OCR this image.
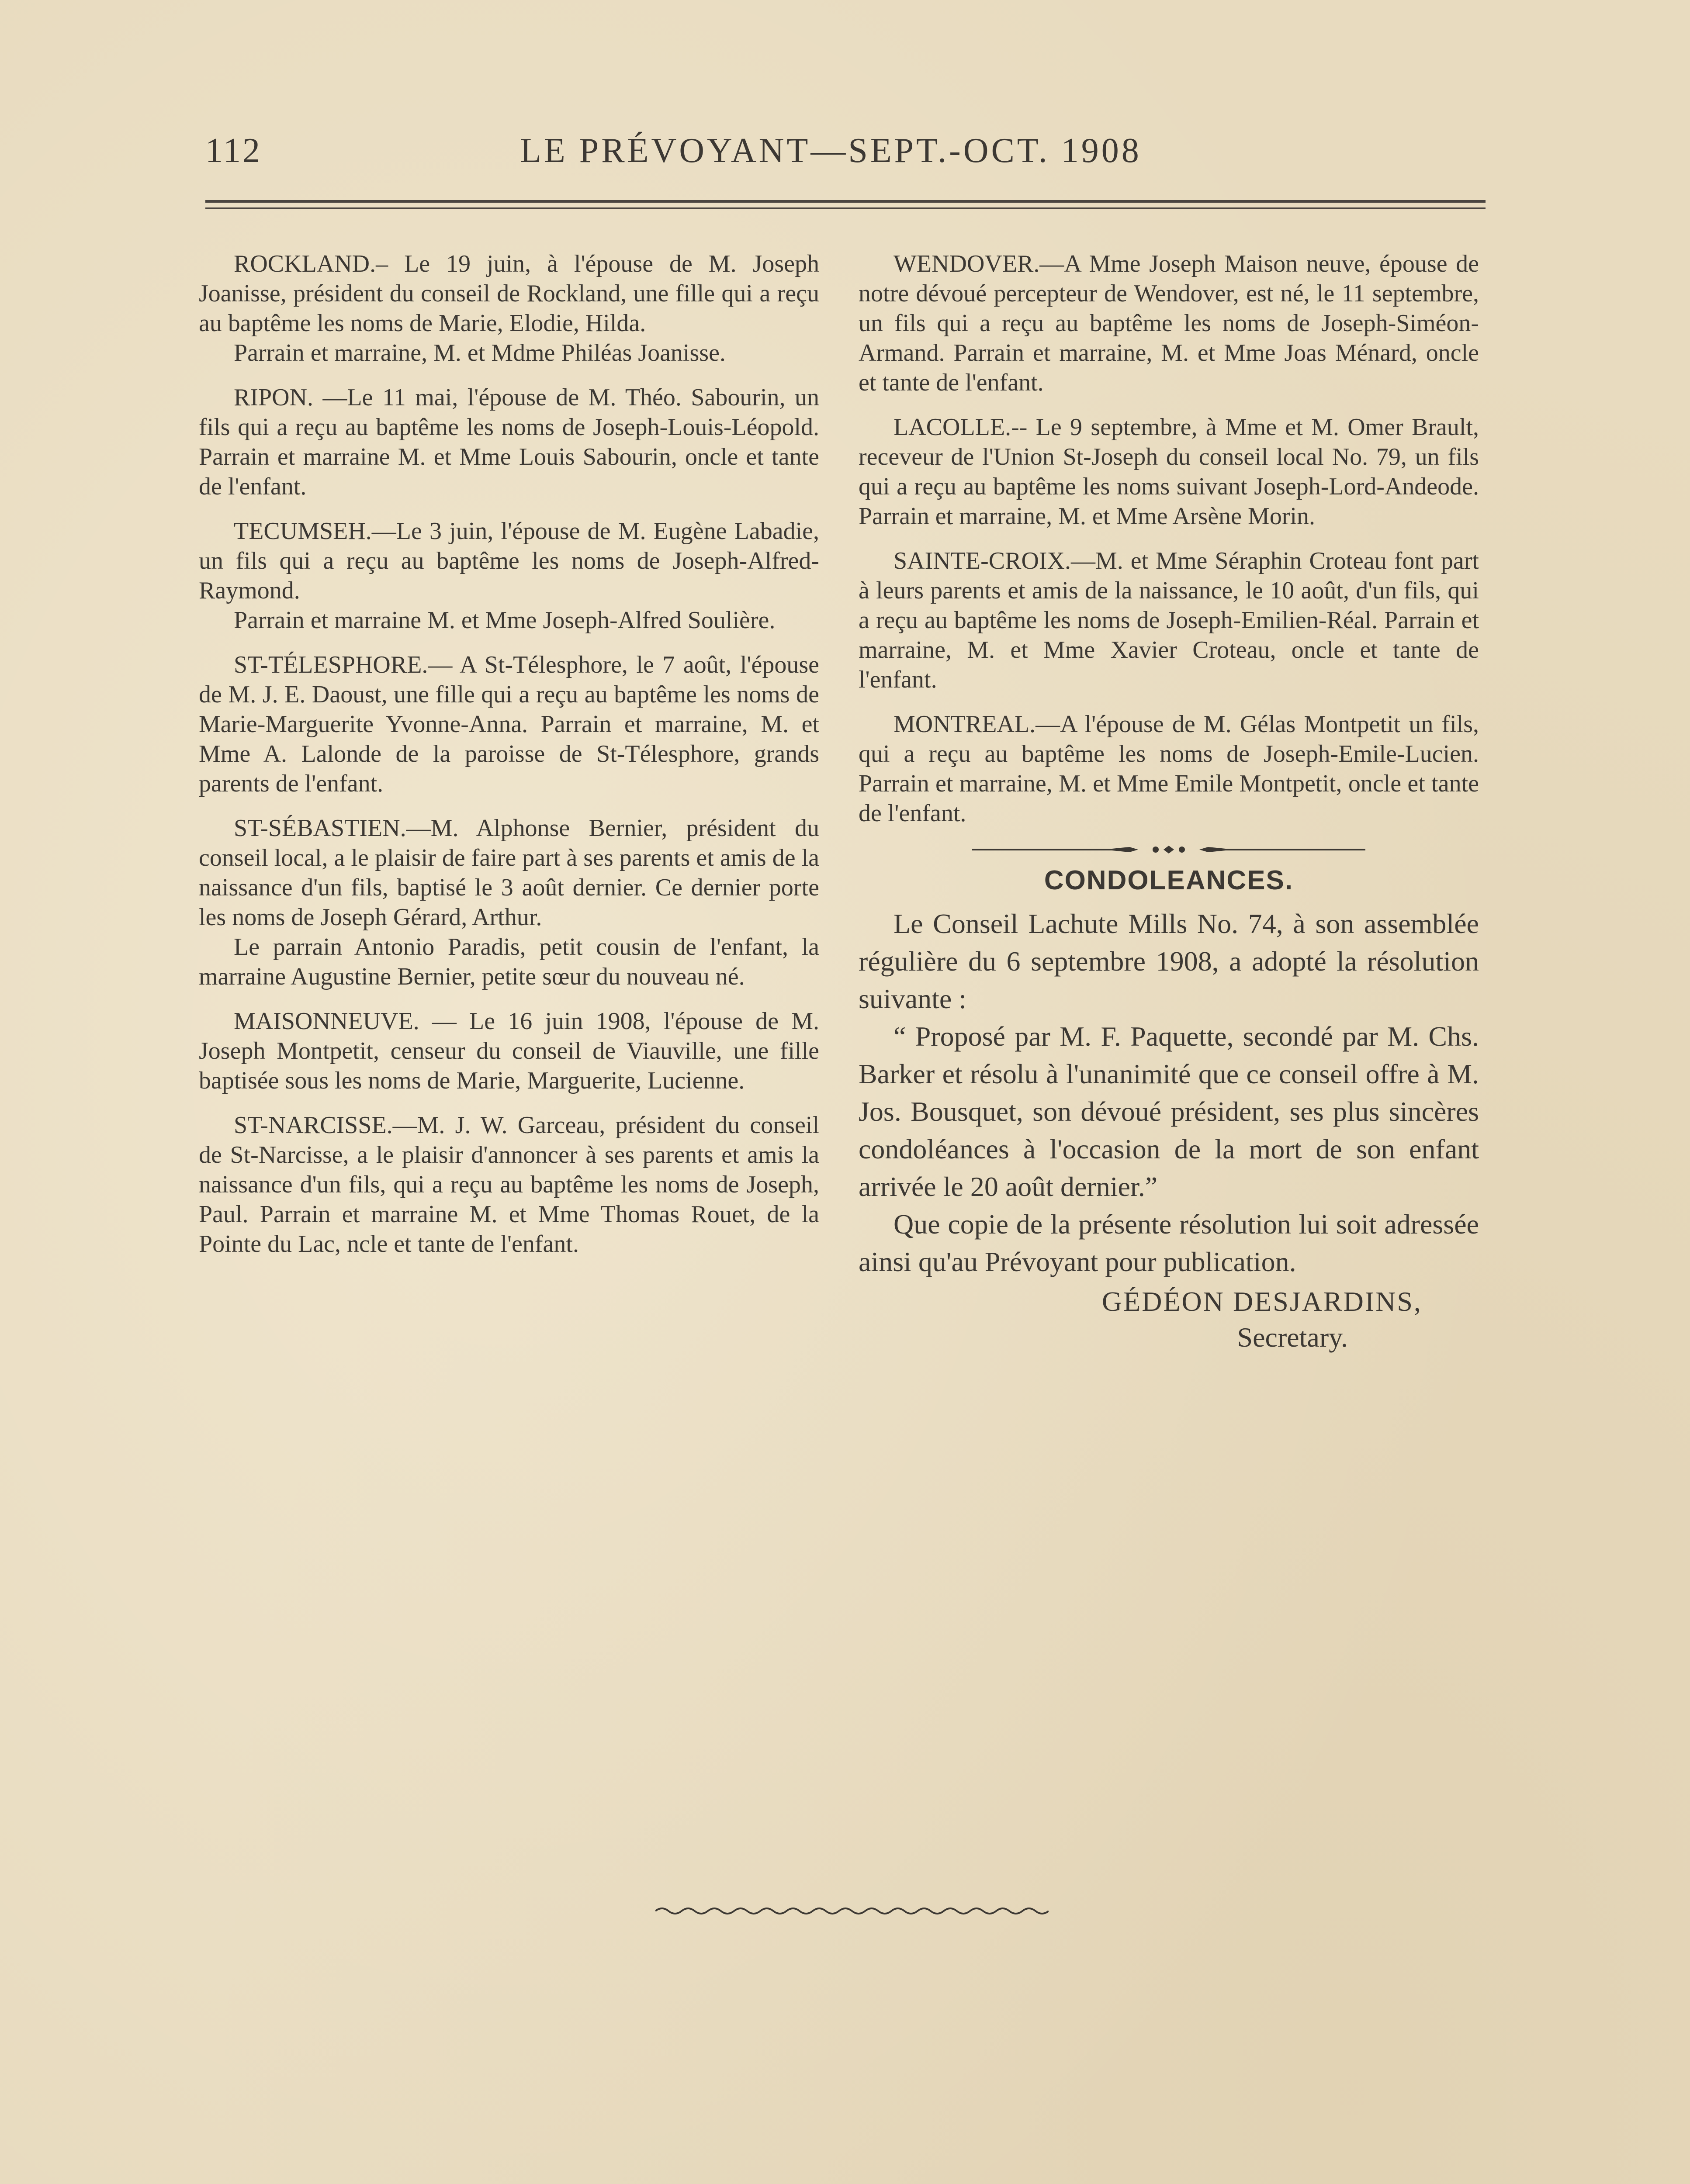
112	LE PRÉVOYANT—SEPT.-OCT. 1908

ROCKLAND.– Le 19 juin, à l'épouse de M. Joseph Joanisse, président du conseil de Rockland, une fille qui a reçu au baptême les noms de Marie, Elodie, Hilda.

Parrain et marraine, M. et Mdme Philéas Joanisse.

RIPON. —Le 11 mai, l'épouse de M. Théo. Sabourin, un fils qui a reçu au baptême les noms de Joseph-Louis-Léopold. Parrain et marraine M. et Mme Louis Sabourin, oncle et tante de l'enfant.

TECUMSEH.—Le 3 juin, l'épouse de M. Eugène Labadie, un fils qui a reçu au baptême les noms de Joseph-Alfred-Raymond.

Parrain et marraine M. et Mme Joseph-Alfred Soulière.

ST-TÉLESPHORE.— A St-Télesphore, le 7 août, l'épouse de M. J. E. Daoust, une fille qui a reçu au baptême les noms de Marie-Marguerite Yvonne-Anna. Parrain et marraine, M. et Mme A. Lalonde de la paroisse de St-Télesphore, grands parents de l'enfant.

ST-SÉBASTIEN.—M. Alphonse Bernier, président du conseil local, a le plaisir de faire part à ses parents et amis de la naissance d'un fils, baptisé le 3 août dernier. Ce dernier porte les noms de Joseph Gérard, Arthur.

Le parrain Antonio Paradis, petit cousin de l'enfant, la marraine Augustine Bernier, petite sœur du nouveau né.

MAISONNEUVE. — Le 16 juin 1908, l'épouse de M. Joseph Montpetit, censeur du conseil de Viauville, une fille baptisée sous les noms de Marie, Marguerite, Lucienne.

ST-NARCISSE.—M. J. W. Garceau, président du conseil de St-Narcisse, a le plaisir d'annoncer à ses parents et amis la naissance d'un fils, qui a reçu au baptême les noms de Joseph, Paul. Parrain et marraine M. et Mme Thomas Rouet, de la Pointe du Lac, ncle et tante de l'enfant.

WENDOVER.—A Mme Joseph Maison neuve, épouse de notre dévoué percepteur de Wendover, est né, le 11 septembre, un fils qui a reçu au baptême les noms de Joseph-Siméon-Armand. Parrain et marraine, M. et Mme Joas Ménard, oncle et tante de l'enfant.

LACOLLE.-- Le 9 septembre, à Mme et M. Omer Brault, receveur de l'Union St-Joseph du conseil local No. 79, un fils qui a reçu au baptême les noms suivant Joseph-Lord-Andeode. Parrain et marraine, M. et Mme Arsène Morin.

SAINTE-CROIX.—M. et Mme Séraphin Croteau font part à leurs parents et amis de la naissance, le 10 août, d'un fils, qui a reçu au baptême les noms de Joseph-Emilien-Réal. Parrain et marraine, M. et Mme Xavier Croteau, oncle et tante de l'enfant.

MONTREAL.—A l'épouse de M. Gélas Montpetit un fils, qui a reçu au baptême les noms de Joseph-Emile-Lucien. Parrain et marraine, M. et Mme Emile Montpetit, oncle et tante de l'enfant.

CONDOLEANCES.

Le Conseil Lachute Mills No. 74, à son assemblée régulière du 6 septembre 1908, a adopté la résolution suivante :

“ Proposé par M. F. Paquette, secondé par M. Chs. Barker et résolu à l'unanimité que ce conseil offre à M. Jos. Bousquet, son dévoué président, ses plus sincères condoléances à l'occasion de la mort de son enfant arrivée le 20 août dernier.”

Que copie de la présente résolution lui soit adressée ainsi qu'au Prévoyant pour publication.

GÉDÉON DESJARDINS,
Secretary.
